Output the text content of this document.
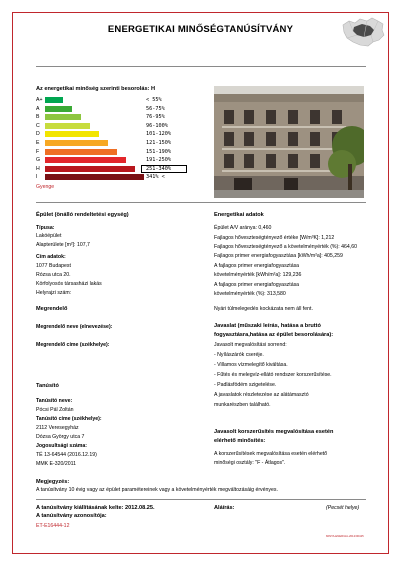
ENERGETIKAI MINŐSÉGTANÚSÍTVÁNY
Az energetikai minőség szerinti besorolás: H
A+	< 55%
A	56-75%
B	76-95%
C	96-100%
D	101-120%
E	121-150%
F	151-190%
G	191-250%
H	251-340%
I	341% <
Gyenge
Épület (önálló rendeltetési egység)
Típusa:
Lakóépület
Alapterülete [m²]: 107,7
Cím adatok:
1077 Budapest
Rózsa utca 20.
Körfolyosós társasházi lakás
Helyrajzi szám:
Energetikai adatok
Épület A/V aránya: 0,460
Fajlagos hőveszteségtényező értéke [W/m³K]: 1,212
Fajlagos hőveszteségtényező a követelményérték (%): 464,60
Fajlagos primer energiafogyasztása [kWh/m²a]: 405,259
A fajlagos primer energiafogyasztása
követelményérték [kWh/m²a]: 129,236
A fajlagos primer energiafogyasztása
követelményérték (%): 313,580
Megrendelő
Megrendelő neve (elnevezése):
Megrendelő címe (székhelye):
Nyári túlmelegedés kockázata nem áll fent.
Javaslat (műszaki leírás, hatása a bruttó
fogyasztásra,hatása az épület besorolására):
Javasolt megvalósítási sorrend:
- Nyílászárók cseréje.
- Villamos vízmelegítő kiváltása.
- Fűtés és melegvíz-ellátó rendszer korszerűsítése.
- Padlásfödém szigetelése.
A javaslatok részletezése az alátámasztó
munkarészben található.
Tanúsító
Tanúsító neve:
Pócsi Pál Zoltán
Tanúsító címe (székhelye):
2112 Veresegyház
Dózsa György utca 7
Jogosultsági száma:
TÉ 13-64544 (2016.12.19)
MMK E-320/2011
Javasolt korszerűsítés megvalósítása esetén
elérhető minősítés:
A korszerűsítések megvalósítása esetén elérhető
minőségi osztály: "F - Átlagos".
Megjegyzés:
A tanúsítvány 10 évig vagy az épület paramétereinek vagy a követelményérték megváltozásáig érvényes.
A tanúsítvány kiállításának kelte: 2012.08.25.
A tanúsítvány azonosítója:
ET-E16444-12
Aláírás:	(Pecsét helye)
MINTA-ENERGIA-2012/00425
